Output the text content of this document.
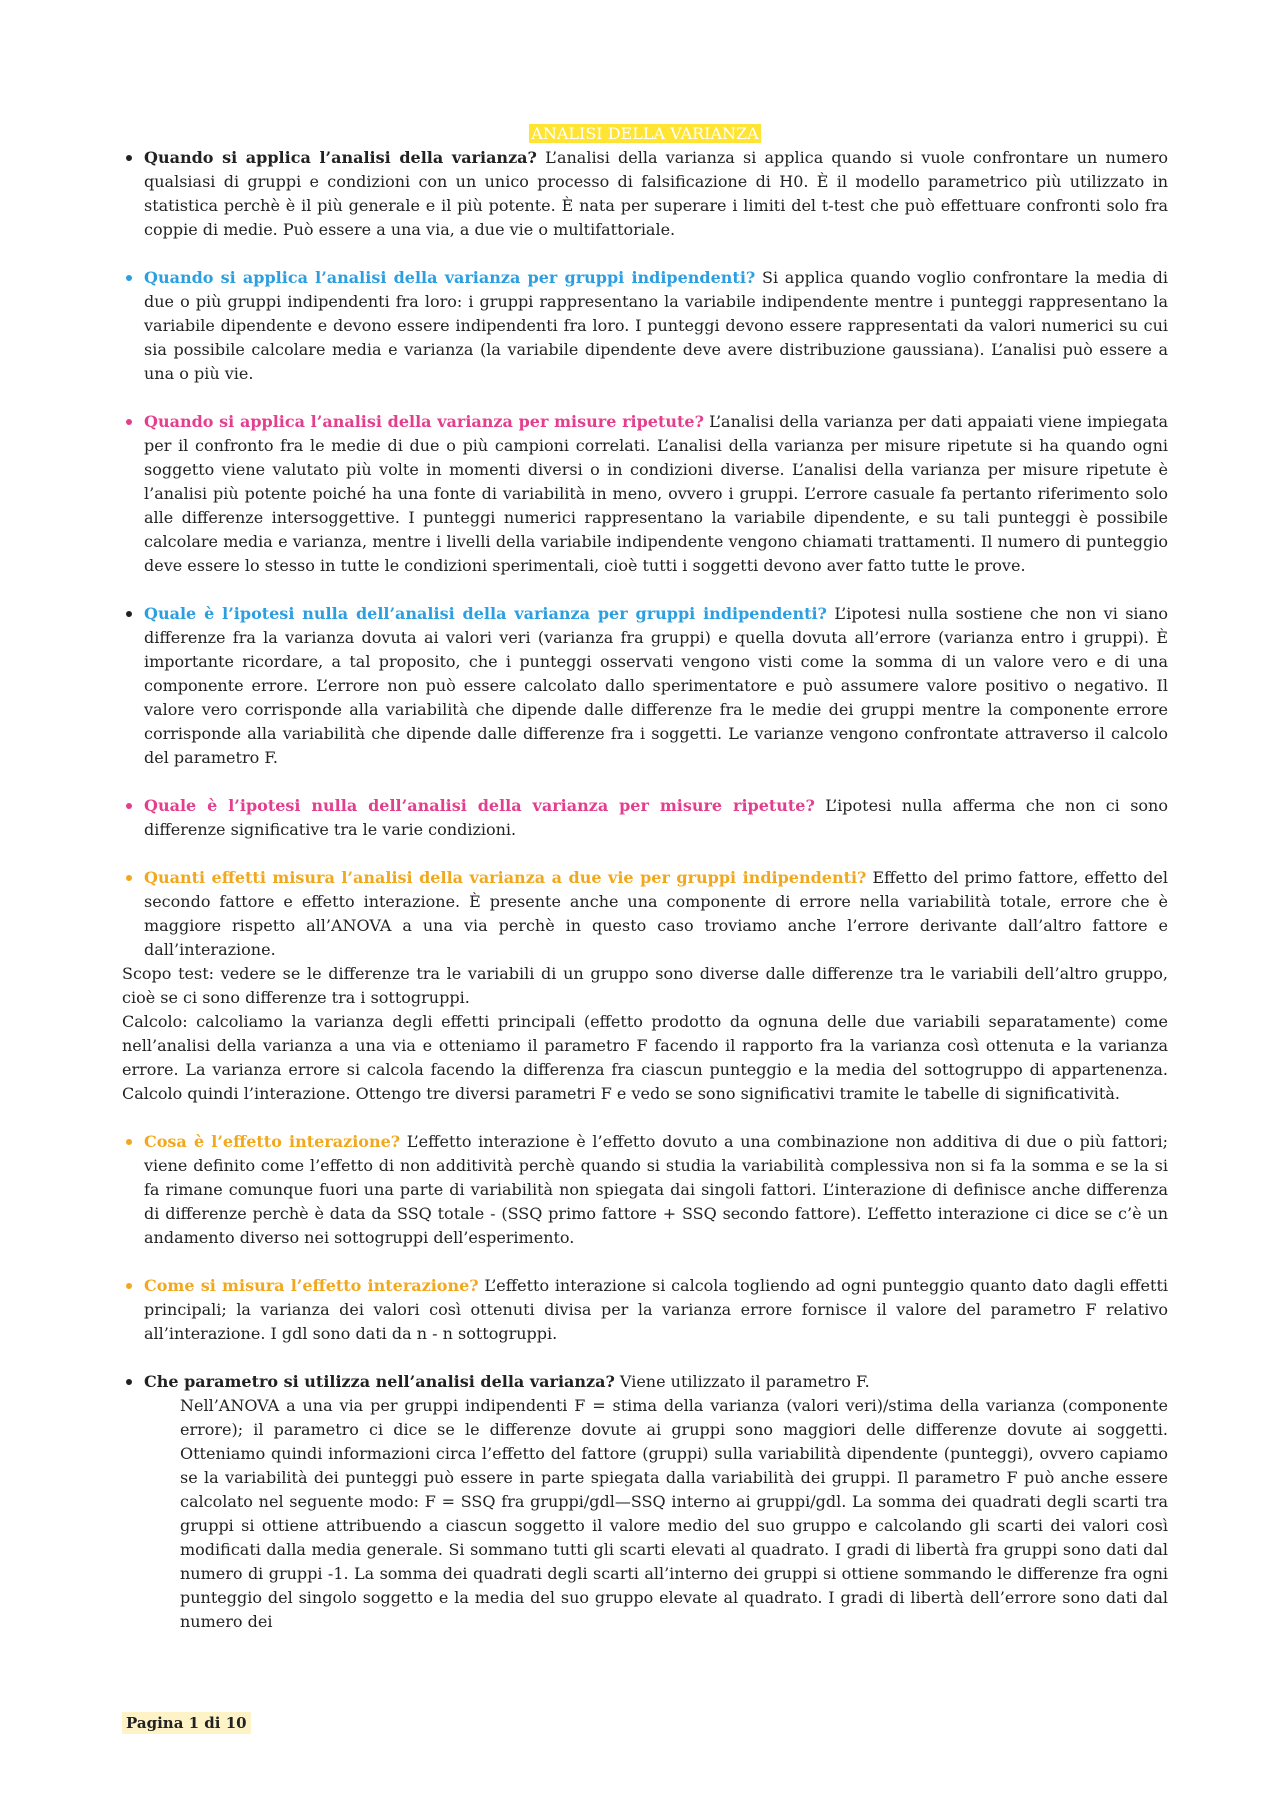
ANALISI DELLA VARIANZA
Quando si applica l’analisi della varianza? L’analisi della varianza si applica quando si vuole confrontare un numero qualsiasi di gruppi e condizioni con un unico processo di falsificazione di H0. È il modello parametrico più utilizzato in statistica perchè è il più generale e il più potente. È nata per superare i limiti del t-test che può effettuare confronti solo fra coppie di medie. Può essere a una via, a due vie o multifattoriale.
Quando si applica l’analisi della varianza per gruppi indipendenti? Si applica quando voglio confrontare la media di due o più gruppi indipendenti fra loro: i gruppi rappresentano la variabile indipendente mentre i punteggi rappresentano la variabile dipendente e devono essere indipendenti fra loro. I punteggi devono essere rappresentati da valori numerici su cui sia possibile calcolare media e varianza (la variabile dipendente deve avere distribuzione gaussiana). L’analisi può essere a una o più vie.
Quando si applica l’analisi della varianza per misure ripetute? L’analisi della varianza per dati appaiati viene impiegata per il confronto fra le medie di due o più campioni correlati. L’analisi della varianza per misure ripetute si ha quando ogni soggetto viene valutato più volte in momenti diversi o in condizioni diverse. L’analisi della varianza per misure ripetute è l’analisi più potente poiché ha una fonte di variabilità in meno, ovvero i gruppi. L’errore casuale fa pertanto riferimento solo alle differenze intersoggettive. I punteggi numerici rappresentano la variabile dipendente, e su tali punteggi è possibile calcolare media e varianza, mentre i livelli della variabile indipendente vengono chiamati trattamenti. Il numero di punteggio deve essere lo stesso in tutte le condizioni sperimentali, cioè tutti i soggetti devono aver fatto tutte le prove.
Quale è l’ipotesi nulla dell’analisi della varianza per gruppi indipendenti? L’ipotesi nulla sostiene che non vi siano differenze fra la varianza dovuta ai valori veri (varianza fra gruppi) e quella dovuta all’errore (varianza entro i gruppi). È importante ricordare, a tal proposito, che i punteggi osservati vengono visti come la somma di un valore vero e di una componente errore. L’errore non può essere calcolato dallo sperimentatore e può assumere valore positivo o negativo. Il valore vero corrisponde alla variabilità che dipende dalle differenze fra le medie dei gruppi mentre la componente errore corrisponde alla variabilità che dipende dalle differenze fra i soggetti. Le varianze vengono confrontate attraverso il calcolo del parametro F.
Quale è l’ipotesi nulla dell’analisi della varianza per misure ripetute? L’ipotesi nulla afferma che non ci sono differenze significative tra le varie condizioni.
Quanti effetti misura l’analisi della varianza a due vie per gruppi indipendenti? Effetto del primo fattore, effetto del secondo fattore e effetto interazione. È presente anche una componente di errore nella variabilità totale, errore che è maggiore rispetto all’ANOVA a una via perchè in questo caso troviamo anche l’errore derivante dall’altro fattore e dall’interazione.

Scopo test: vedere se le differenze tra le variabili di un gruppo sono diverse dalle differenze tra le variabili dell’altro gruppo, cioè se ci sono differenze tra i sottogruppi.

Calcolo: calcoliamo la varianza degli effetti principali (effetto prodotto da ognuna delle due variabili separatamente) come nell’analisi della varianza a una via e otteniamo il parametro F facendo il rapporto fra la varianza così ottenuta e la varianza errore. La varianza errore si calcola facendo la differenza fra ciascun punteggio e la media del sottogruppo di appartenenza. Calcolo quindi l’interazione. Ottengo tre diversi parametri F e vedo se sono significativi tramite le tabelle di significatività.

Cosa è l’effetto interazione? L’effetto interazione è l’effetto dovuto a una combinazione non additiva di due o più fattori; viene definito come l’effetto di non additività perchè quando si studia la variabilità complessiva non si fa la somma e se la si fa rimane comunque fuori una parte di variabilità non spiegata dai singoli fattori. L’interazione di definisce anche differenza di differenze perchè è data da SSQ totale - (SSQ primo fattore + SSQ secondo fattore). L’effetto interazione ci dice se c’è un andamento diverso nei sottogruppi dell’esperimento.
Come si misura l’effetto interazione? L’effetto interazione si calcola togliendo ad ogni punteggio quanto dato dagli effetti principali; la varianza dei valori così ottenuti divisa per la varianza errore fornisce il valore del parametro F relativo all’interazione. I gdl sono dati da n - n sottogruppi.
Che parametro si utilizza nell’analisi della varianza? Viene utilizzato il parametro F.

Nell’ANOVA a una via per gruppi indipendenti F = stima della varianza (valori veri)/stima della varianza (componente errore); il parametro ci dice se le differenze dovute ai gruppi sono maggiori delle differenze dovute ai soggetti. Otteniamo quindi informazioni circa l’effetto del fattore (gruppi) sulla variabilità dipendente (punteggi), ovvero capiamo se la variabilità dei punteggi può essere in parte spiegata dalla variabilità dei gruppi. Il parametro F può anche essere calcolato nel seguente modo: F = SSQ fra gruppi/gdl—SSQ interno ai gruppi/gdl. La somma dei quadrati degli scarti tra gruppi si ottiene attribuendo a ciascun soggetto il valore medio del suo gruppo e calcolando gli scarti dei valori così modificati dalla media generale. Si sommano tutti gli scarti elevati al quadrato. I gradi di libertà fra gruppi sono dati dal numero di gruppi -1. La somma dei quadrati degli scarti all’interno dei gruppi si ottiene sommando le differenze fra ogni punteggio del singolo soggetto e la media del suo gruppo elevate al quadrato. I gradi di libertà dell’errore sono dati dal numero dei

Pagina 1 di 10
